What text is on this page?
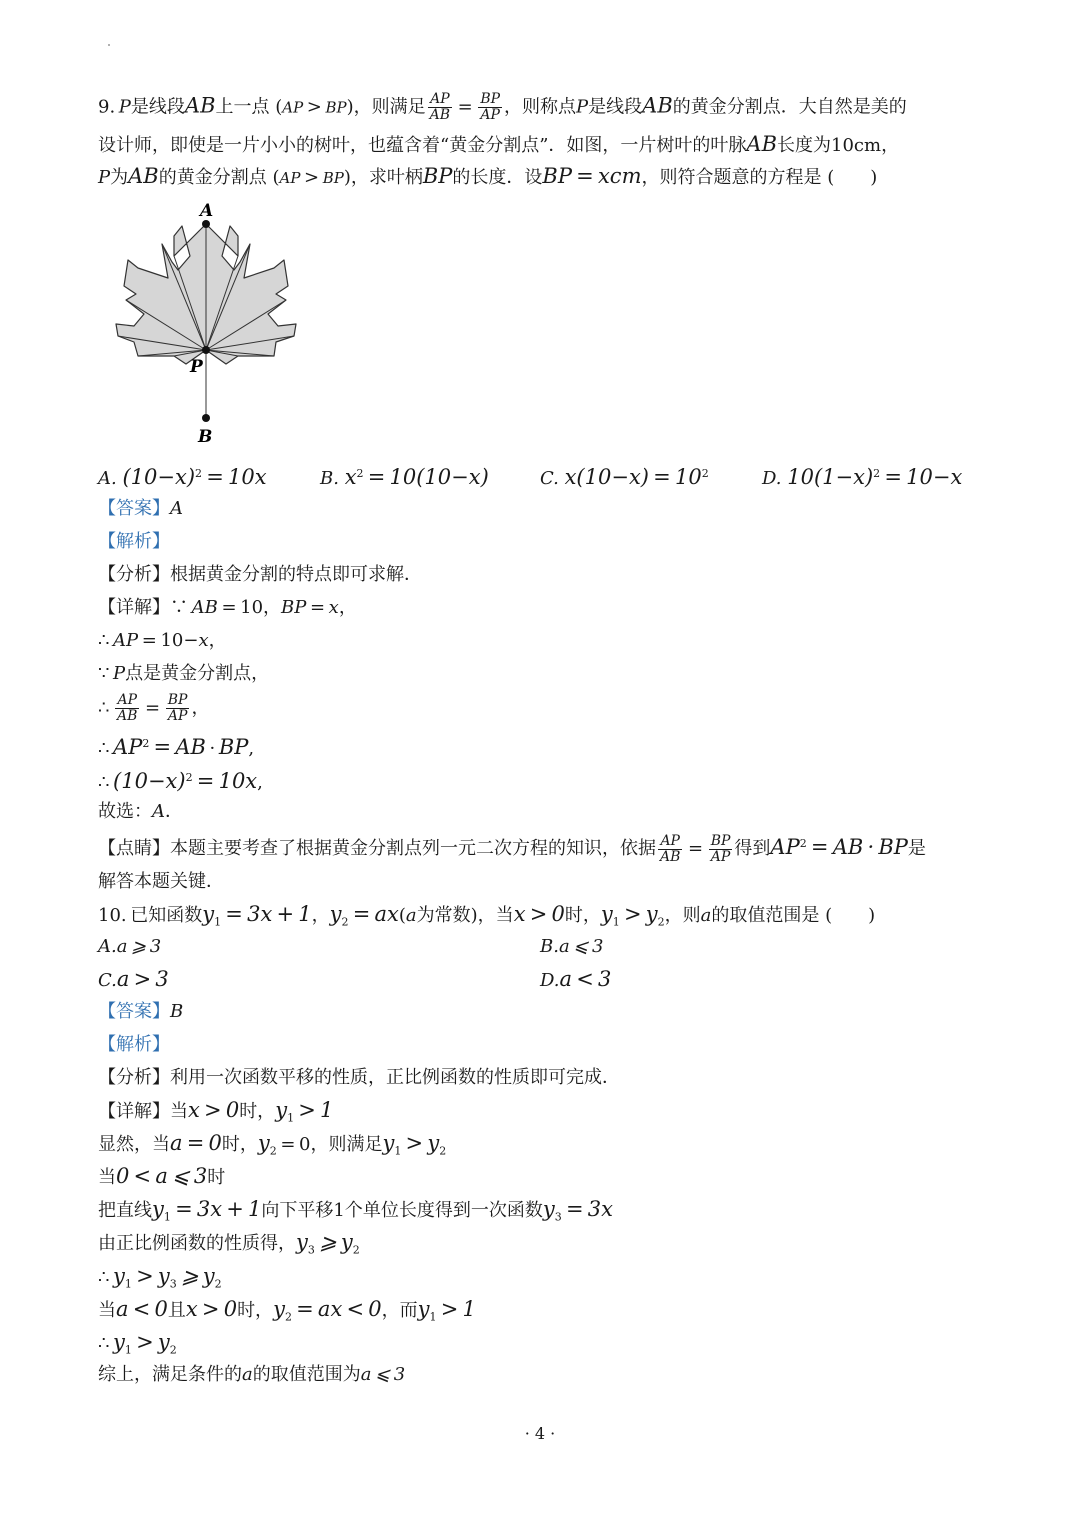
9. P是线段AB上一点 (AP > BP)，则满足 $\frac{AP}{AB} = \frac{BP}{AP}$ ，则称点P是线段AB的黄金分割点．大自然是美的
设计师，即使是一片小小的树叶，也蕴含着“黄金分割点”．如图，一片树叶的叶脉AB长度为10cm，
P为AB的黄金分割点 (AP > BP)，求叶柄BP的长度．设BP = xcm，则符合题意的方程是 (  )
A
P
B
A. $(10-x)^2 = 10x$	B. $x^2 = 10(10-x)$	C. $x(10-x) = 10^2$	D. $10(1-x)^2 = 10-x$
【答案】A
【解析】
【分析】根据黄金分割的特点即可求解．
【详解】∵ AB = 10，BP = x，
∴ AP = 10−x，
∵ P点是黄金分割点，
∴  $\frac{AP}{AB} = \frac{BP}{AP}$ ，
∴ $AP^2$ = AB · BP,
∴ $(10-x)^2 = 10x$,
故选：A．
【点睛】本题主要考查了根据黄金分割点列一元二次方程的知识，依据 $\frac{AP}{AB} = \frac{BP}{AP}$ 得到$AP^2$ = AB · BP是
解答本题关键．
10. 已知函数$y_1 = 3x + 1$，$y_2 = ax(a$为常数)，当x > 0时，$y_1 > y_2$，则a的取值范围是 (  )
A.a ⩾ 3	B.a ⩽ 3
C.a > 3	D.a < 3
【答案】B
【解析】
【分析】利用一次函数平移的性质，正比例函数的性质即可完成．
【详解】当x > 0时，$y_1 > 1$
显然，当a = 0时，$y_2 = 0$，则满足$y_1 > y_2$
当0 < a ⩽ 3时
把直线$y_1 = 3x + 1$向下平移1个单位长度得到一次函数$y_3 = 3x$
由正比例函数的性质得，$y_3$ ⩾ $y_2$
∴ $y_1 > y_3$ ⩾ $y_2$
当a < 0且x > 0时，$y_2$ = ax < 0，而$y_1 > 1$
∴ $y_1 > y_2$
综上，满足条件的a的取值范围为a ⩽ 3
· 4 ·
